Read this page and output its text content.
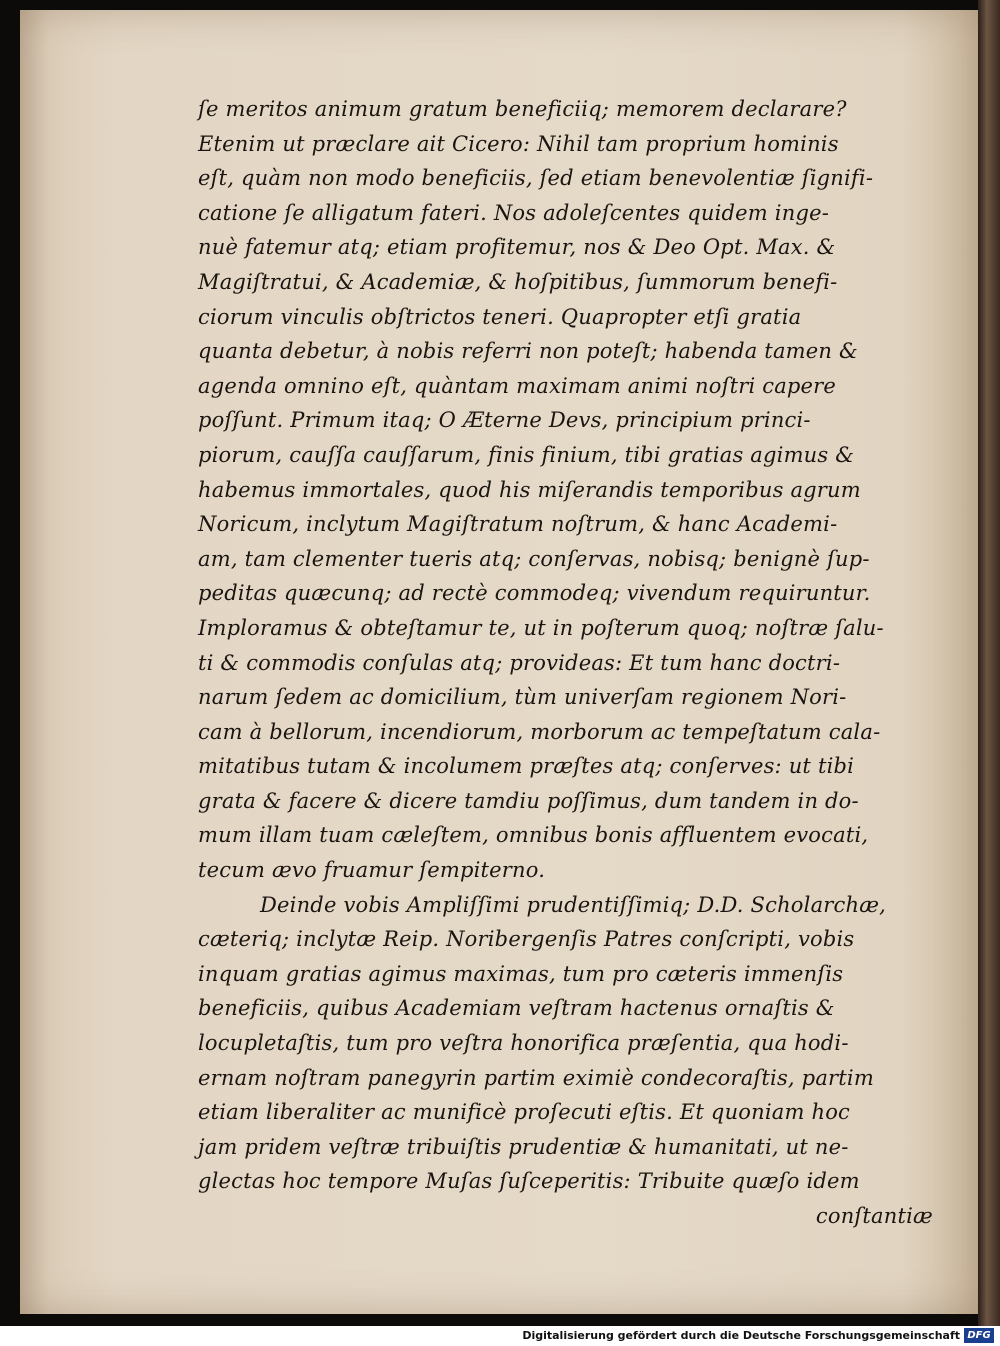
ſe meritos animum gratum beneficiiq; memorem declarare?
Etenim ut præclare ait Cicero: Nihil tam proprium hominis
eſt, quàm non modo beneficiis, ſed etiam benevolentiæ ſignifi-
catione ſe alligatum fateri. Nos adoleſcentes quidem inge-
nuè fatemur atq; etiam profitemur, nos & Deo Opt. Max. &
Magiſtratui, & Academiæ, & hoſpitibus, ſummorum benefi-
ciorum vinculis obſtrictos teneri. Quapropter etſi gratia
quanta debetur, à nobis referri non poteſt; habenda tamen &
agenda omnino eſt, quàntam maximam animi noſtri capere
poſſunt. Primum itaq; O Æterne Devs, principium princi-
piorum, cauſſa cauſſarum, finis finium, tibi gratias agimus &
habemus immortales, quod his miſerandis temporibus agrum
Noricum, inclytum Magiſtratum noſtrum, & hanc Academi-
am, tam clementer tueris atq; conſervas, nobisq; benignè ſup-
peditas quæcunq; ad rectè commodeq; vivendum requiruntur.
Imploramus & obteſtamur te, ut in poſterum quoq; noſtræ ſalu-
ti & commodis conſulas atq; provideas: Et tum hanc doctri-
narum ſedem ac domicilium, tùm univerſam regionem Nori-
cam à bellorum, incendiorum, morborum ac tempeſtatum cala-
mitatibus tutam & incolumem præſtes atq; conſerves: ut tibi
grata & facere & dicere tamdiu poſſimus, dum tandem in do-
mum illam tuam cæleſtem, omnibus bonis affluentem evocati,
tecum ævo fruamur ſempiterno.
Deinde vobis Ampliſſimi prudentiſſimiq; D.D. Scholarchæ,
cæteriq; inclytæ Reip. Noribergenſis Patres conſcripti, vobis
inquam gratias agimus maximas, tum pro cæteris immenſis
beneficiis, quibus Academiam veſtram hactenus ornaſtis &
locupletaſtis, tum pro veſtra honorifica præſentia, qua hodi-
ernam noſtram panegyrin partim eximiè condecoraſtis, partim
etiam liberaliter ac munificè proſecuti eſtis. Et quoniam hoc
jam pridem veſtræ tribuiſtis prudentiæ & humanitati, ut ne-
glectas hoc tempore Muſas ſuſceperitis: Tribuite quæſo idem
conſtantiæ
Digitalisierung gefördert durch die Deutsche Forschungsgemeinschaft DFG
